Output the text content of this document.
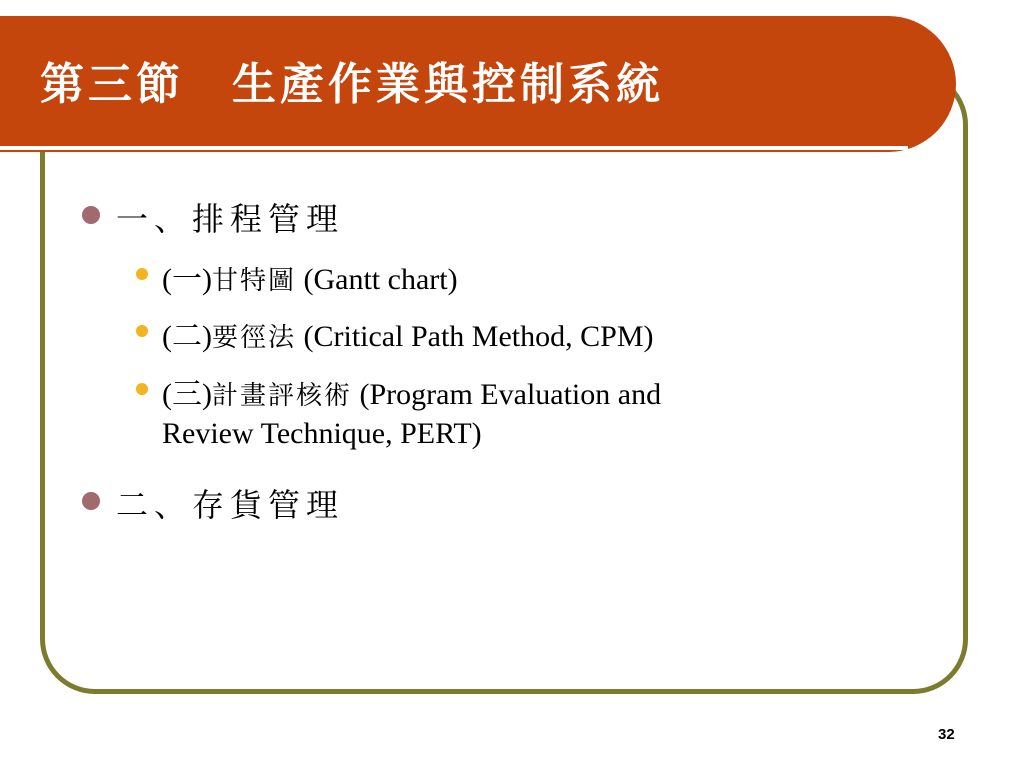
第三節　生產作業與控制系統
一、排程管理
(一)甘特圖 (Gantt chart)
(二)要徑法 (Critical Path Method, CPM)
(三)計畫評核術 (Program Evaluation and
Review Technique, PERT)
二、存貨管理
32
